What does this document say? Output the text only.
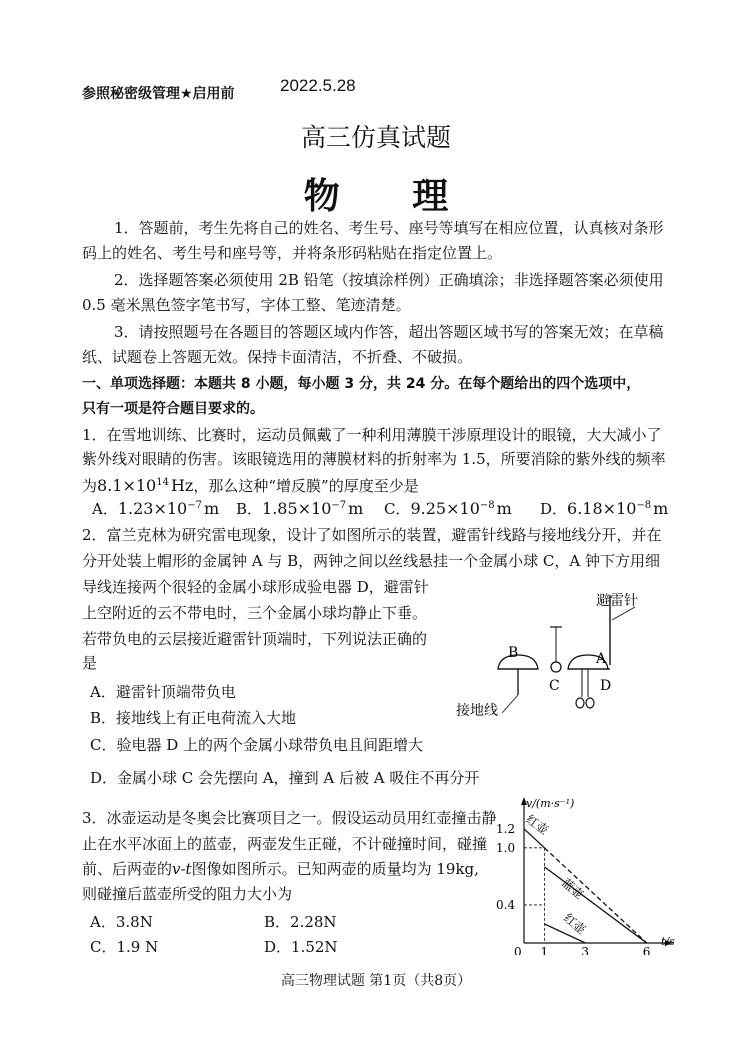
参照秘密级管理★启用前	2022.5.28
高三仿真试题
物 理
1．答题前，考生先将自己的姓名、考生号、座号等填写在相应位置，认真核对条形
码上的姓名、考生号和座号等，并将条形码粘贴在指定位置上。
2．选择题答案必须使用 2B 铅笔（按填涂样例）正确填涂；非选择题答案必须使用
0.5 毫米黑色签字笔书写，字体工整、笔迹清楚。
3．请按照题号在各题目的答题区域内作答，超出答题区域书写的答案无效；在草稿
纸、试题卷上答题无效。保持卡面清洁，不折叠、不破损。
一、单项选择题：本题共 8 小题，每小题 3 分，共 24 分。在每个题给出的四个选项中，
只有一项是符合题目要求的。
1．在雪地训练、比赛时，运动员佩戴了一种利用薄膜干涉原理设计的眼镜，大大减小了
紫外线对眼睛的伤害。该眼镜选用的薄膜材料的折射率为 1.5，所要消除的紫外线的频率
为$8.1\times 10^{14}$ Hz，那么这种“增反膜”的厚度至少是
A．$1.23\times 10^{-7}$ m B．$1.85\times 10^{-7}$ m C．$9.25\times 10^{-8}$ m D．$6.18\times 10^{-8}$ m
2．富兰克林为研究雷电现象，设计了如图所示的装置，避雷针线路与接地线分开，并在
分开处装上帽形的金属钟 A 与 B，两钟之间以丝线悬挂一个金属小球 C，A 钟下方用细
导线连接两个很轻的金属小球形成验电器 D，避雷针
上空附近的云不带电时，三个金属小球均静止下垂。
若带负电的云层接近避雷针顶端时，下列说法正确的
是
A．避雷针顶端带负电
B．接地线上有正电荷流入大地
C．验电器 D 上的两个金属小球带负电且间距增大
D．金属小球 C 会先摆向 A，撞到 A 后被 A 吸住不再分开
避雷针
B
接地线
A
C	D
3．冰壶运动是冬奥会比赛项目之一。假设运动员用红壶撞击静
止在水平冰面上的蓝壶，两壶发生正碰，不计碰撞时间，碰撞
前、后两壶的v-t图像如图所示。已知两壶的质量均为 19kg,
则碰撞后蓝壶所受的阻力大小为
A．3.8N	B．2.28N
C．1.9 N	D．1.52N
v/(m·s⁻¹)
t/s
0 1	3	6
0.4
1.0
1.2 红壶
蓝壶
红壶
高三物理试题 第1页（共8页）
